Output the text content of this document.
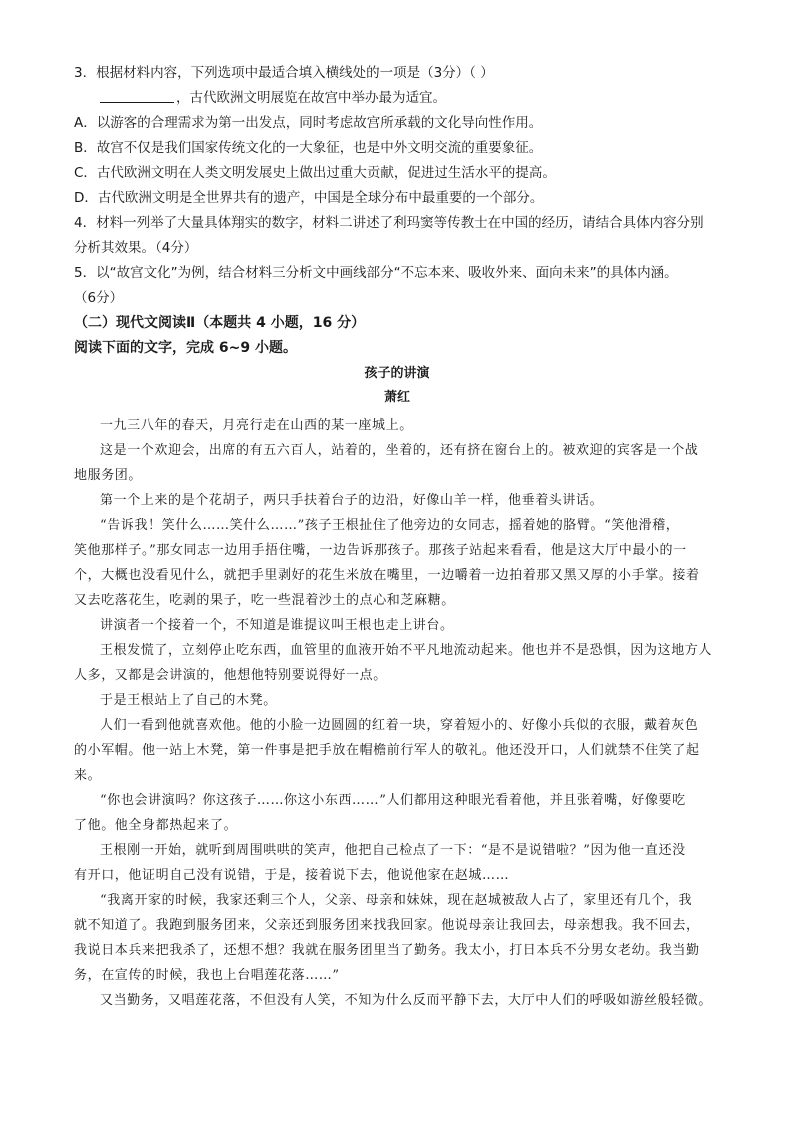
3．根据材料内容，下列选项中最适合填入横线处的一项是（3分）（ ）
，古代欧洲文明展览在故宫中举办最为适宜。
A．以游客的合理需求为第一出发点，同时考虑故宫所承载的文化导向性作用。
B．故宫不仅是我们国家传统文化的一大象征，也是中外文明交流的重要象征。
C．古代欧洲文明在人类文明发展史上做出过重大贡献，促进过生活水平的提高。
D．古代欧洲文明是全世界共有的遗产，中国是全球分布中最重要的一个部分。
4．材料一列举了大量具体翔实的数字，材料二讲述了利玛窦等传教士在中国的经历，请结合具体内容分别
分析其效果。（4分）
5．以“故宫文化”为例，结合材料三分析文中画线部分“不忘本来、吸收外来、面向未来”的具体内涵。
（6分）
（二）现代文阅读Ⅱ（本题共 4 小题，16 分）
阅读下面的文字，完成 6~9 小题。
孩子的讲演
萧红
一九三八年的春天，月亮行走在山西的某一座城上。
这是一个欢迎会，出席的有五六百人，站着的，坐着的，还有挤在窗台上的。被欢迎的宾客是一个战
地服务团。
第一个上来的是个花胡子，两只手扶着台子的边沿，好像山羊一样，他垂着头讲话。
“告诉我！笑什么……笑什么……”孩子王根扯住了他旁边的女同志，摇着她的胳臂。“笑他滑稽，
笑他那样子。”那女同志一边用手捂住嘴，一边告诉那孩子。那孩子站起来看看，他是这大厅中最小的一
个，大概也没看见什么，就把手里剥好的花生米放在嘴里，一边嚼着一边拍着那又黑又厚的小手掌。接着
又去吃落花生，吃剥的果子，吃一些混着沙土的点心和芝麻糖。
讲演者一个接着一个，不知道是谁提议叫王根也走上讲台。
王根发慌了，立刻停止吃东西，血管里的血液开始不平凡地流动起来。他也并不是恐惧，因为这地方人
人多，又都是会讲演的，他想他特别要说得好一点。
于是王根站上了自己的木凳。
人们一看到他就喜欢他。他的小脸一边圆圆的红着一块，穿着短小的、好像小兵似的衣服，戴着灰色
的小军帽。他一站上木凳，第一件事是把手放在帽檐前行军人的敬礼。他还没开口，人们就禁不住笑了起
来。
“你也会讲演吗？你这孩子……你这小东西……”人们都用这种眼光看着他，并且张着嘴，好像要吃
了他。他全身都热起来了。
王根刚一开始，就听到周围哄哄的笑声，他把自己检点了一下：“是不是说错啦？”因为他一直还没
有开口，他证明自己没有说错，于是，接着说下去，他说他家在赵城……
“我离开家的时候，我家还剩三个人，父亲、母亲和妹妹，现在赵城被敌人占了，家里还有几个，我
就不知道了。我跑到服务团来，父亲还到服务团来找我回家。他说母亲让我回去，母亲想我。我不回去，
我说日本兵来把我杀了，还想不想？我就在服务团里当了勤务。我太小，打日本兵不分男女老幼。我当勤
务，在宣传的时候，我也上台唱莲花落……”
又当勤务，又唱莲花落，不但没有人笑，不知为什么反而平静下去，大厅中人们的呼吸如游丝般轻微。
